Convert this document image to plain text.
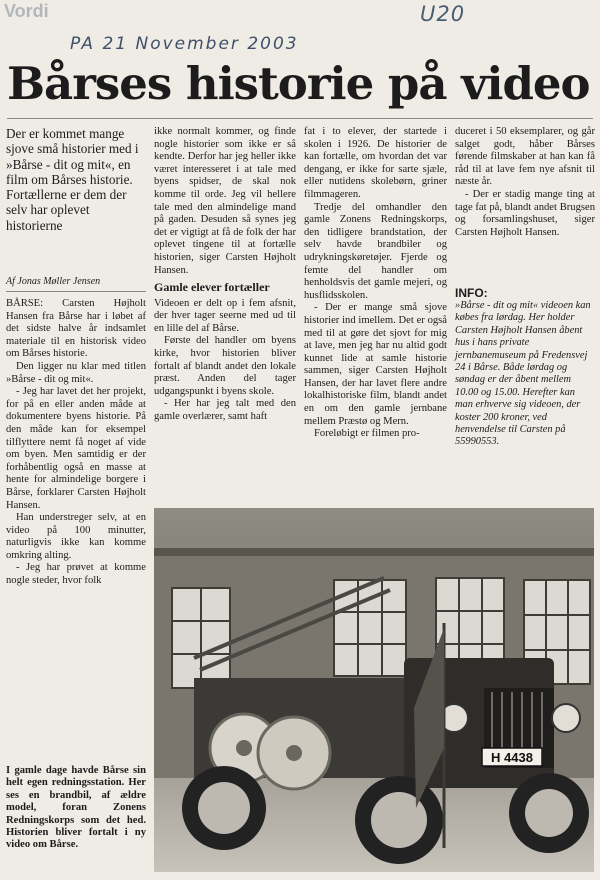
Vordi	U20
PA 21 November 2003
Bårses historie på video
Der er kommet mange sjove små historier med i »Bårse - dit og mit«, en film om Bårses historie. Fortællerne er dem der selv har oplevet historierne
Af Jonas Møller Jensen

BÅRSE: Carsten Højholt Hansen fra Bårse har i løbet af det sidste halve år indsamlet materiale til en historisk video om Bårses historie.

Den ligger nu klar med titlen »Bårse - dit og mit«.

- Jeg har lavet det her projekt, for på en eller anden måde at dokumentere byens historie. På den måde kan for eksempel tilflyttere nemt få noget af vide om byen. Men samtidig er der forhåbentlig også en masse at hente for almindelige borgere i Bårse, forklarer Carsten Højholt Hansen.

Han understreger selv, at en video på 100 minutter, naturligvis ikke kan komme omkring alting.

- Jeg har prøvet at komme nogle steder, hvor folk

ikke normalt kommer, og finde nogle historier som ikke er så kendte. Derfor har jeg heller ikke været interesseret i at tale med byens spidser, de skal nok komme til orde. Jeg vil hellere tale med den almindelige mand på gaden. Desuden så synes jeg det er vigtigt at få de folk der har oplevet tingene til at fortælle historien, siger Carsten Højholt Hansen.

Gamle elever fortæller

Videoen er delt op i fem afsnit, der hver tager seerne med ud til en lille del af Bårse.

Første del handler om byens kirke, hvor historien bliver fortalt af blandt andet den lokale præst. Anden del tager udgangspunkt i byens skole.

- Her har jeg talt med den gamle overlærer, samt haft

fat i to elever, der startede i skolen i 1926. De historier de kan fortælle, om hvordan det var dengang, er ikke for sarte sjæle, eller nutidens skolebørn, griner filmmageren.

Tredje del omhandler den gamle Zonens Redningskorps, den tidligere brandstation, der selv havde brandbiler og udrykningskøretøjer. Fjerde og femte del handler om henholdsvis det gamle mejeri, og husflidsskolen.

- Der er mange små sjove historier ind imellem. Det er også med til at gøre det sjovt for mig at lave, men jeg har nu altid godt kunnet lide at samle historie sammen, siger Carsten Højholt Hansen, der har lavet flere andre lokalhistoriske film, blandt andet en om den gamle jernbane mellem Præstø og Mern.

Foreløbigt er filmen pro-

duceret i 50 eksemplarer, og går salget godt, håber Bårses førende filmskaber at han kan få råd til at lave fem nye afsnit til næste år.

- Der er stadig mange ting at tage fat på, blandt andet Brugsen og forsamlingshuset, siger Carsten Højholt Hansen.

INFO:
»Bårse - dit og mit« videoen kan købes fra lørdag. Her holder Carsten Højholt Hansen åbent hus i hans private jernbanemuseum på Fredensvej 24 i Bårse. Både lørdag og søndag er der åbent mellem 10.00 og 15.00. Herefter kan man erhverve sig videoen, der koster 200 kroner, ved henvendelse til Carsten på 55990553.
H 4438
I gamle dage havde Bårse sin helt egen redningsstation. Her ses en brandbil, af ældre model, foran Zonens Redningskorps som det hed. Historien bliver fortalt i ny video om Bårse.
